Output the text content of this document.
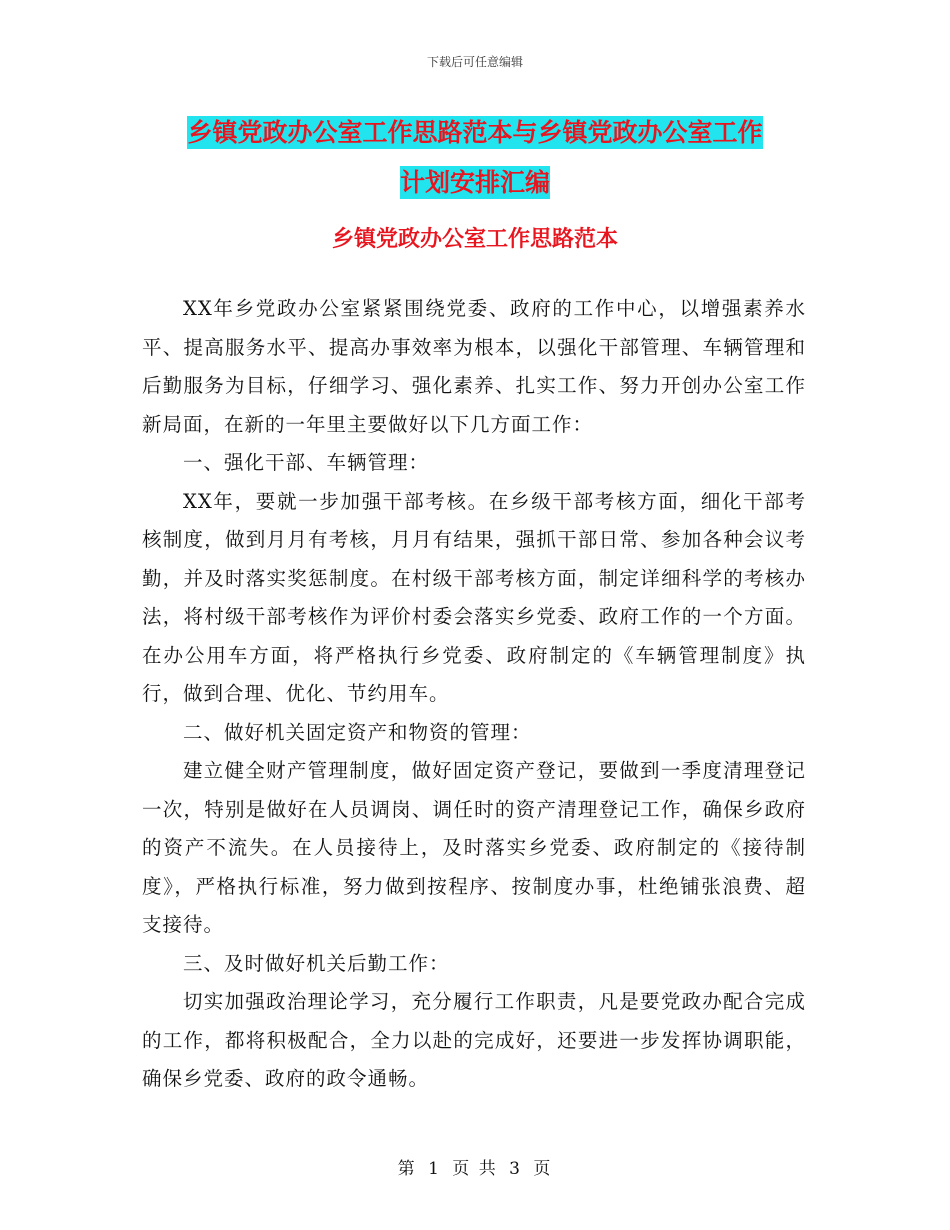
下载后可任意编辑
乡镇党政办公室工作思路范本与乡镇党政办公室工作
计划安排汇编
乡镇党政办公室工作思路范本

XX年乡党政办公室紧紧围绕党委、政府的工作中心，以增强素养水平、提高服务水平、提高办事效率为根本，以强化干部管理、车辆管理和后勤服务为目标，仔细学习、强化素养、扎实工作、努力开创办公室工作新局面，在新的一年里主要做好以下几方面工作：

一、强化干部、车辆管理：

XX年，要就一步加强干部考核。在乡级干部考核方面，细化干部考核制度，做到月月有考核，月月有结果，强抓干部日常、参加各种会议考勤，并及时落实奖惩制度。在村级干部考核方面，制定详细科学的考核办法，将村级干部考核作为评价村委会落实乡党委、政府工作的一个方面。在办公用车方面，将严格执行乡党委、政府制定的《车辆管理制度》执行，做到合理、优化、节约用车。

二、做好机关固定资产和物资的管理：

建立健全财产管理制度，做好固定资产登记，要做到一季度清理登记一次，特别是做好在人员调岗、调任时的资产清理登记工作，确保乡政府的资产不流失。在人员接待上，及时落实乡党委、政府制定的《接待制度》，严格执行标准，努力做到按程序、按制度办事，杜绝铺张浪费、超支接待。

三、及时做好机关后勤工作：

切实加强政治理论学习，充分履行工作职责，凡是要党政办配合完成的工作，都将积极配合，全力以赴的完成好，还要进一步发挥协调职能，确保乡党委、政府的政令通畅。

第 1 页 共 3 页
